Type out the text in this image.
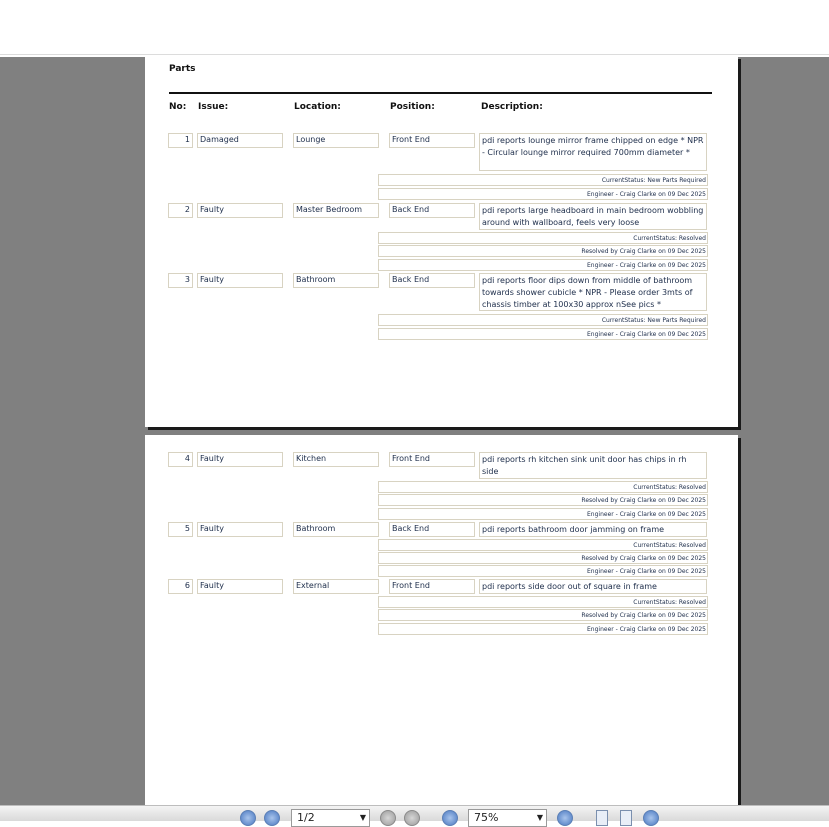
Parts
No: Issue:	Location:	Position:	Description:
1	Damaged	Lounge	Front End	pdi reports lounge mirror frame chipped on edge * NPR - Circular lounge mirror required 700mm diameter *
CurrentStatus: New Parts Required
Engineer - Craig Clarke on 09 Dec 2025
2	Faulty	Master Bedroom	Back End	pdi reports large headboard in main bedroom wobbling around with wallboard, feels very loose
CurrentStatus: Resolved
Resolved by Craig Clarke on 09 Dec 2025
Engineer - Craig Clarke on 09 Dec 2025
3	Faulty	Bathroom	Back End	pdi reports floor dips down from middle of bathroom towards shower cubicle * NPR - Please order 3mts of chassis timber at 100x30 approx nSee pics *
CurrentStatus: New Parts Required
Engineer - Craig Clarke on 09 Dec 2025
4	Faulty	Kitchen	Front End	pdi reports rh kitchen sink unit door has chips in rh side
CurrentStatus: Resolved
Resolved by Craig Clarke on 09 Dec 2025
Engineer - Craig Clarke on 09 Dec 2025
5	Faulty	Bathroom	Back End	pdi reports bathroom door jamming on frame
CurrentStatus: Resolved
Resolved by Craig Clarke on 09 Dec 2025
Engineer - Craig Clarke on 09 Dec 2025
6	Faulty	External	Front End	pdi reports side door out of square in frame
CurrentStatus: Resolved
Resolved by Craig Clarke on 09 Dec 2025
Engineer - Craig Clarke on 09 Dec 2025
1/2	▼	75%	▼
